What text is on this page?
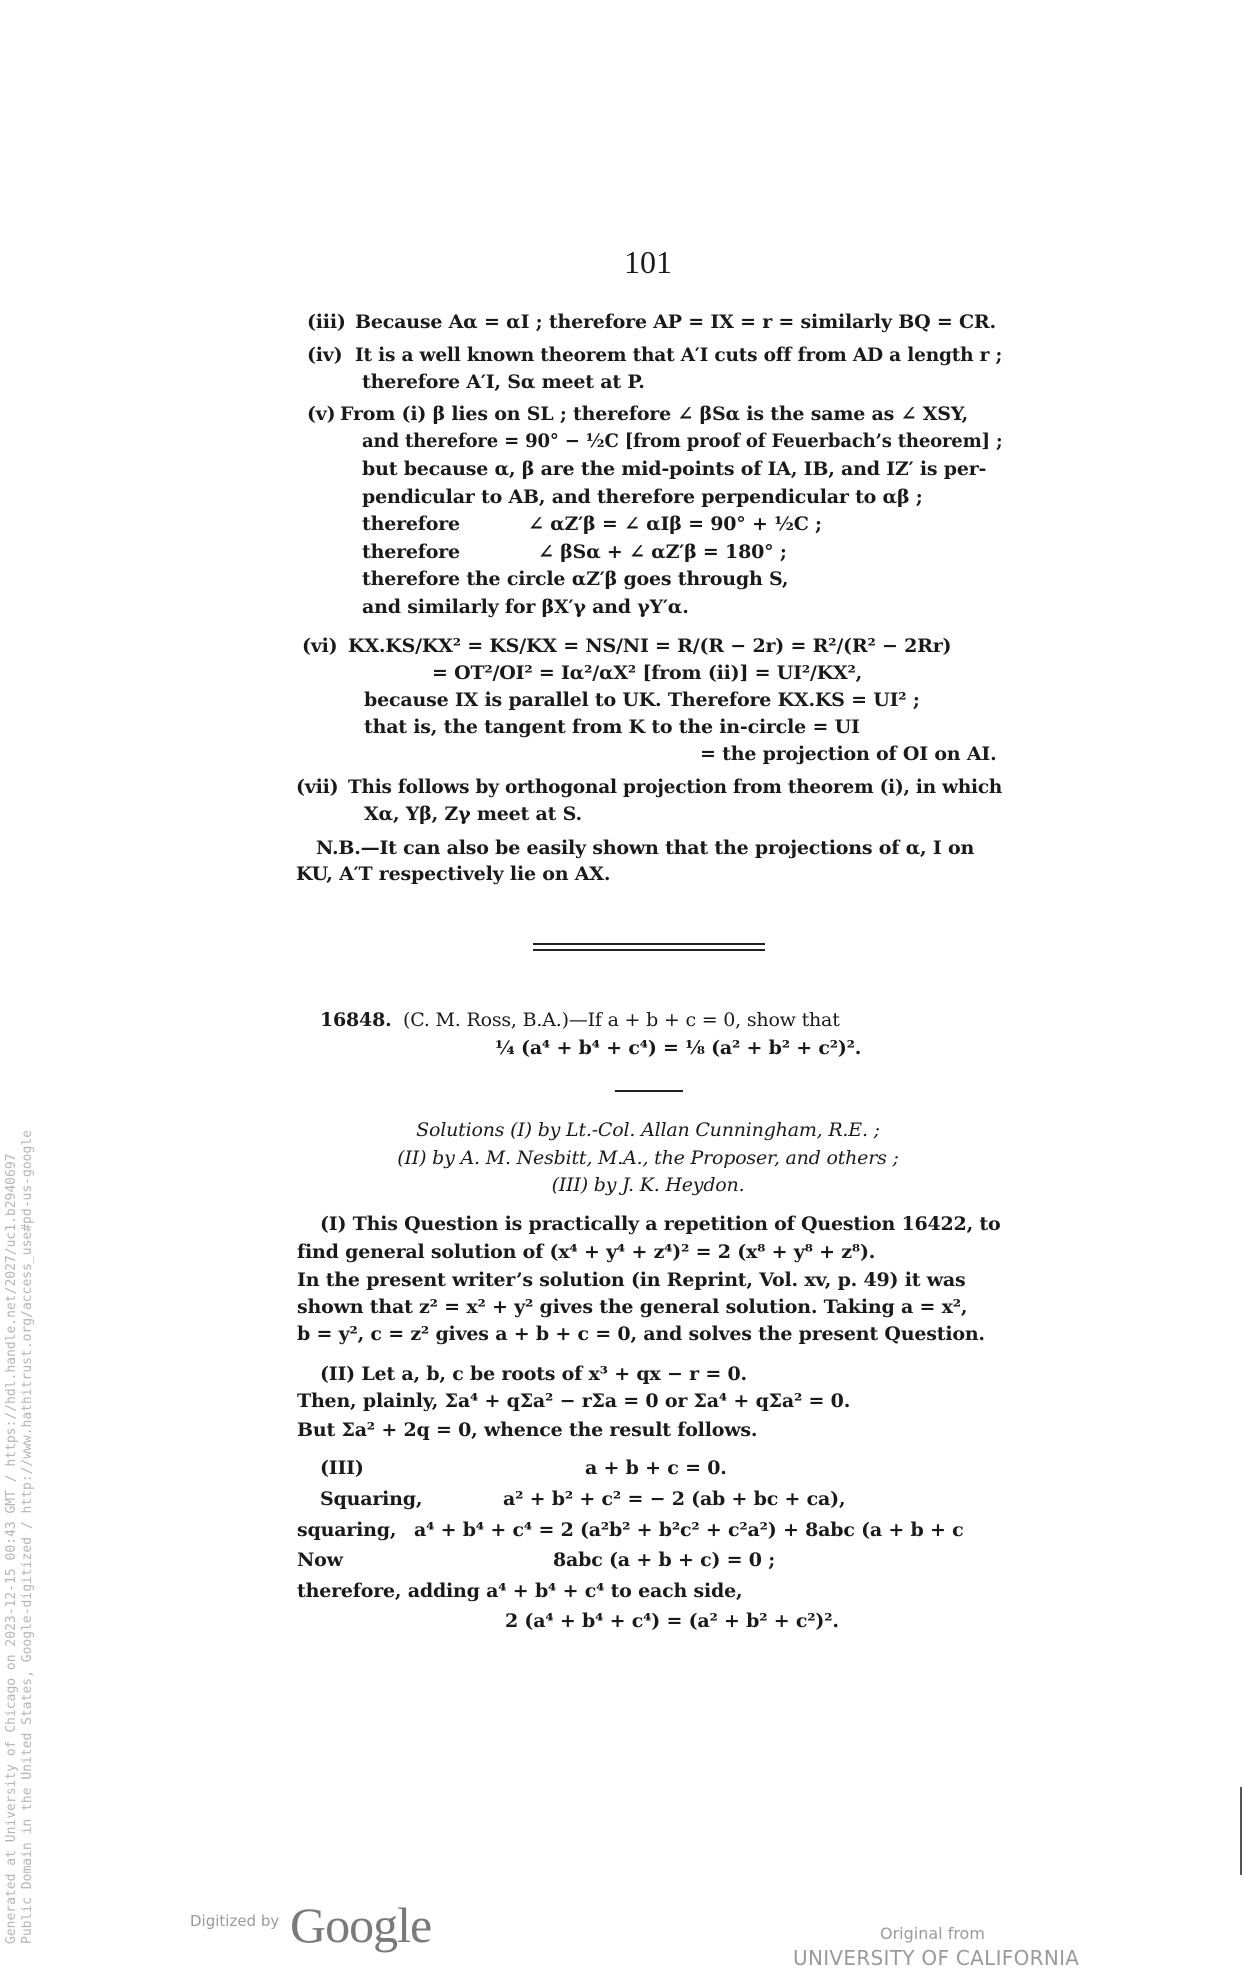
101
(iii) Because Aα = αI ; therefore AP = IX = r = similarly BQ = CR.
(iv) It is a well known theorem that A′I cuts off from AD a length r ;
therefore A′I, Sα meet at P.
(v) From (i) β lies on SL ; therefore ∠ βSα is the same as ∠ XSY,
and therefore = 90° − ½C [from proof of Feuerbach’s theorem] ;
but because α, β are the mid-points of IA, IB, and IZ′ is per-
pendicular to AB, and therefore perpendicular to αβ ;
therefore	∠ αZ′β = ∠ αIβ = 90° + ½C ;
therefore	∠ βSα + ∠ αZ′β = 180° ;
therefore the circle αZ′β goes through S,
and similarly for βX′γ and γY′α.
(vi) KX.KS/KX² = KS/KX = NS/NI = R/(R − 2r) = R²/(R² − 2Rr)
= OT²/OI² = Iα²/αX² [from (ii)] = UI²/KX²,
because IX is parallel to UK. Therefore KX.KS = UI² ;
that is, the tangent from K to the in-circle = UI
= the projection of OI on AI.
(vii) This follows by orthogonal projection from theorem (i), in which
Xα, Yβ, Zγ meet at S.
N.B.—It can also be easily shown that the projections of α, I on
KU, A′T respectively lie on AX.
16848. (C. M. Ross, B.A.)—If a + b + c = 0, show that
¼ (a⁴ + b⁴ + c⁴) = ⅛ (a² + b² + c²)².
Solutions (I) by Lt.-Col. Allan Cunningham, R.E. ;
(II) by A. M. Nesbitt, M.A., the Proposer, and others ;
(III) by J. K. Heydon.
(I) This Question is practically a repetition of Question 16422, to
find general solution of (x⁴ + y⁴ + z⁴)² = 2 (x⁸ + y⁸ + z⁸).
In the present writer’s solution (in Reprint, Vol. xv, p. 49) it was
shown that z² = x² + y² gives the general solution. Taking a = x²,
b = y², c = z² gives a + b + c = 0, and solves the present Question.
(II) Let a, b, c be roots of x³ + qx − r = 0.
Then, plainly, Σa⁴ + qΣa² − rΣa = 0 or Σa⁴ + qΣa² = 0.
But Σa² + 2q = 0, whence the result follows.
(III)	a + b + c = 0.
Squaring,	a² + b² + c² = − 2 (ab + bc + ca),
squaring, a⁴ + b⁴ + c⁴ = 2 (a²b² + b²c² + c²a²) + 8abc (a + b + c
Now	8abc (a + b + c) = 0 ;
therefore, adding a⁴ + b⁴ + c⁴ to each side,
2 (a⁴ + b⁴ + c⁴) = (a² + b² + c²)².
Generated at University of Chicago on 2023-12-15 00:43 GMT / https://hdl.handle.net/2027/uc1.b2940697 Public Domain in the United States, Google-digitized / http://www.hathitrust.org/access_use#pd-us-google	Digitized by Google	Original from
UNIVERSITY OF CALIFORNIA
